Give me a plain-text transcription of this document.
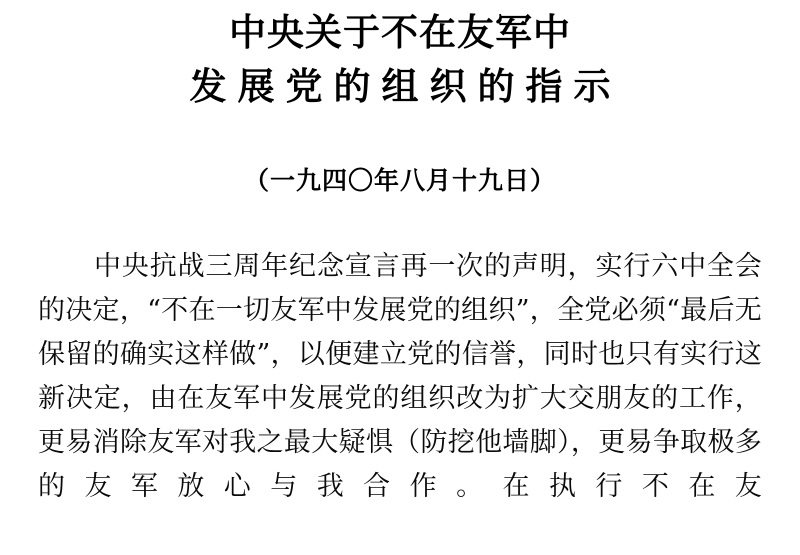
中央关于不在友军中
发展党的组织的指示
（一九四〇年八月十九日）

中央抗战三周年纪念宣言再一次的声明，实行六中全会的决定，“不在一切友军中发展党的组织”，全党必须“最后无保留的确实这样做”，以便建立党的信誉，同时也只有实行这新决定，由在友军中发展党的组织改为扩大交朋友的工作，更易消除友军对我之最大疑惧（防挖他墙脚），更易争取极多的友军放心与我合作。在执行不在友
